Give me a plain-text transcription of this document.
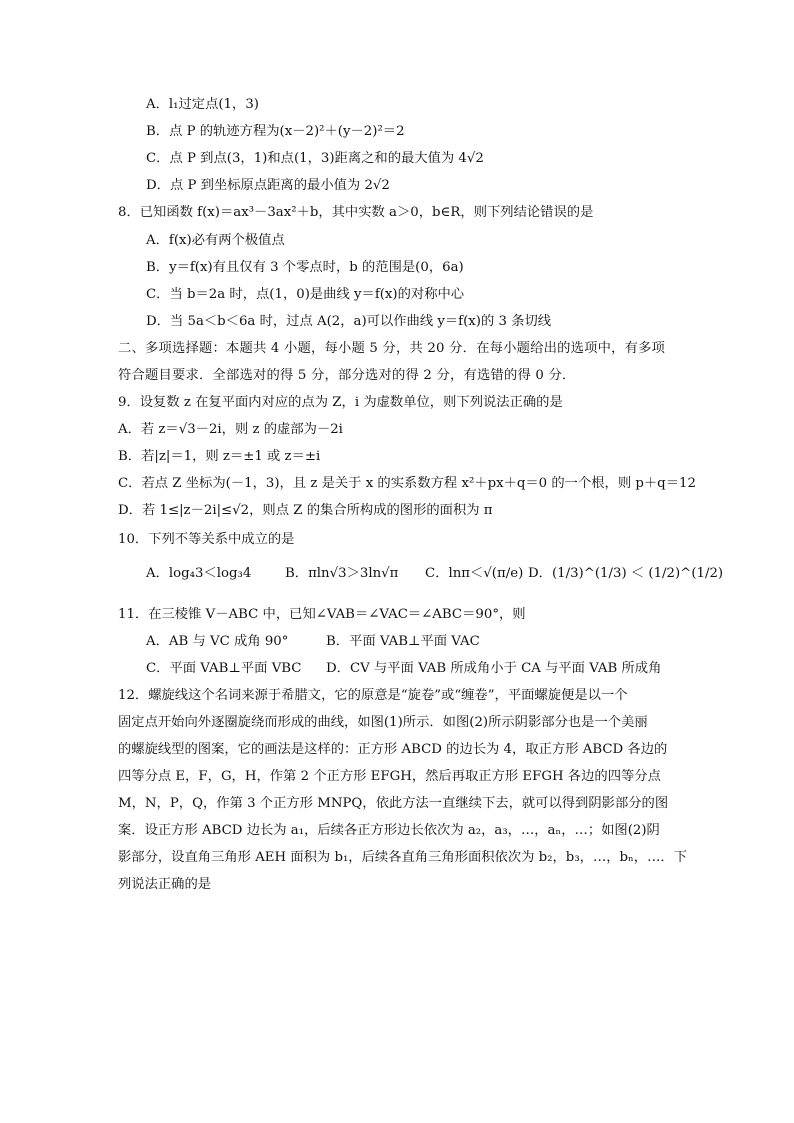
A．l₁过定点(1，3)
B．点 P 的轨迹方程为(x－2)²＋(y－2)²＝2
C．点 P 到点(3，1)和点(1，3)距离之和的最大值为 4√2
D．点 P 到坐标原点距离的最小值为 2√2
8．已知函数 f(x)＝ax³－3ax²＋b，其中实数 a＞0，b∈R，则下列结论错误的是
A．f(x)必有两个极值点
B．y＝f(x)有且仅有 3 个零点时，b 的范围是(0，6a)
C．当 b＝2a 时，点(1，0)是曲线 y＝f(x)的对称中心
D．当 5a＜b＜6a 时，过点 A(2，a)可以作曲线 y＝f(x)的 3 条切线
二、多项选择题：本题共 4 小题，每小题 5 分，共 20 分．在每小题给出的选项中，有多项
符合题目要求．全部选对的得 5 分，部分选对的得 2 分，有选错的得 0 分．
9．设复数 z 在复平面内对应的点为 Z，i 为虚数单位，则下列说法正确的是
A．若 z＝√3－2i，则 z 的虚部为－2i
B．若|z|＝1，则 z＝±1 或 z＝±i
C．若点 Z 坐标为(－1，3)，且 z 是关于 x 的实系数方程 x²＋px＋q＝0 的一个根，则 p＋q＝12
D．若 1≤|z－2i|≤√2，则点 Z 的集合所构成的图形的面积为 π
10．下列不等关系中成立的是
A．log₄3＜log₃4	B．πln√3＞3ln√π C．lnπ＜√(π/e) D．(1/3)^(1/3) ＜ (1/2)^(1/2)
11．在三棱锥 V－ABC 中，已知∠VAB＝∠VAC＝∠ABC＝90°，则
A．AB 与 VC 成角 90°	B．平面 VAB⊥平面 VAC
C．平面 VAB⊥平面 VBC D．CV 与平面 VAB 所成角小于 CA 与平面 VAB 所成角
12．螺旋线这个名词来源于希腊文，它的原意是“旋卷”或“缠卷”，平面螺旋便是以一个
固定点开始向外逐圈旋绕而形成的曲线，如图(1)所示．如图(2)所示阴影部分也是一个美丽
的螺旋线型的图案，它的画法是这样的：正方形 ABCD 的边长为 4，取正方形 ABCD 各边的
四等分点 E，F，G，H，作第 2 个正方形 EFGH，然后再取正方形 EFGH 各边的四等分点
M，N，P，Q，作第 3 个正方形 MNPQ，依此方法一直继续下去，就可以得到阴影部分的图
案．设正方形 ABCD 边长为 a₁，后续各正方形边长依次为 a₂，a₃，…，aₙ，…；如图(2)阴
影部分，设直角三角形 AEH 面积为 b₁，后续各直角三角形面积依次为 b₂，b₃，…，bₙ，…．下
列说法正确的是
